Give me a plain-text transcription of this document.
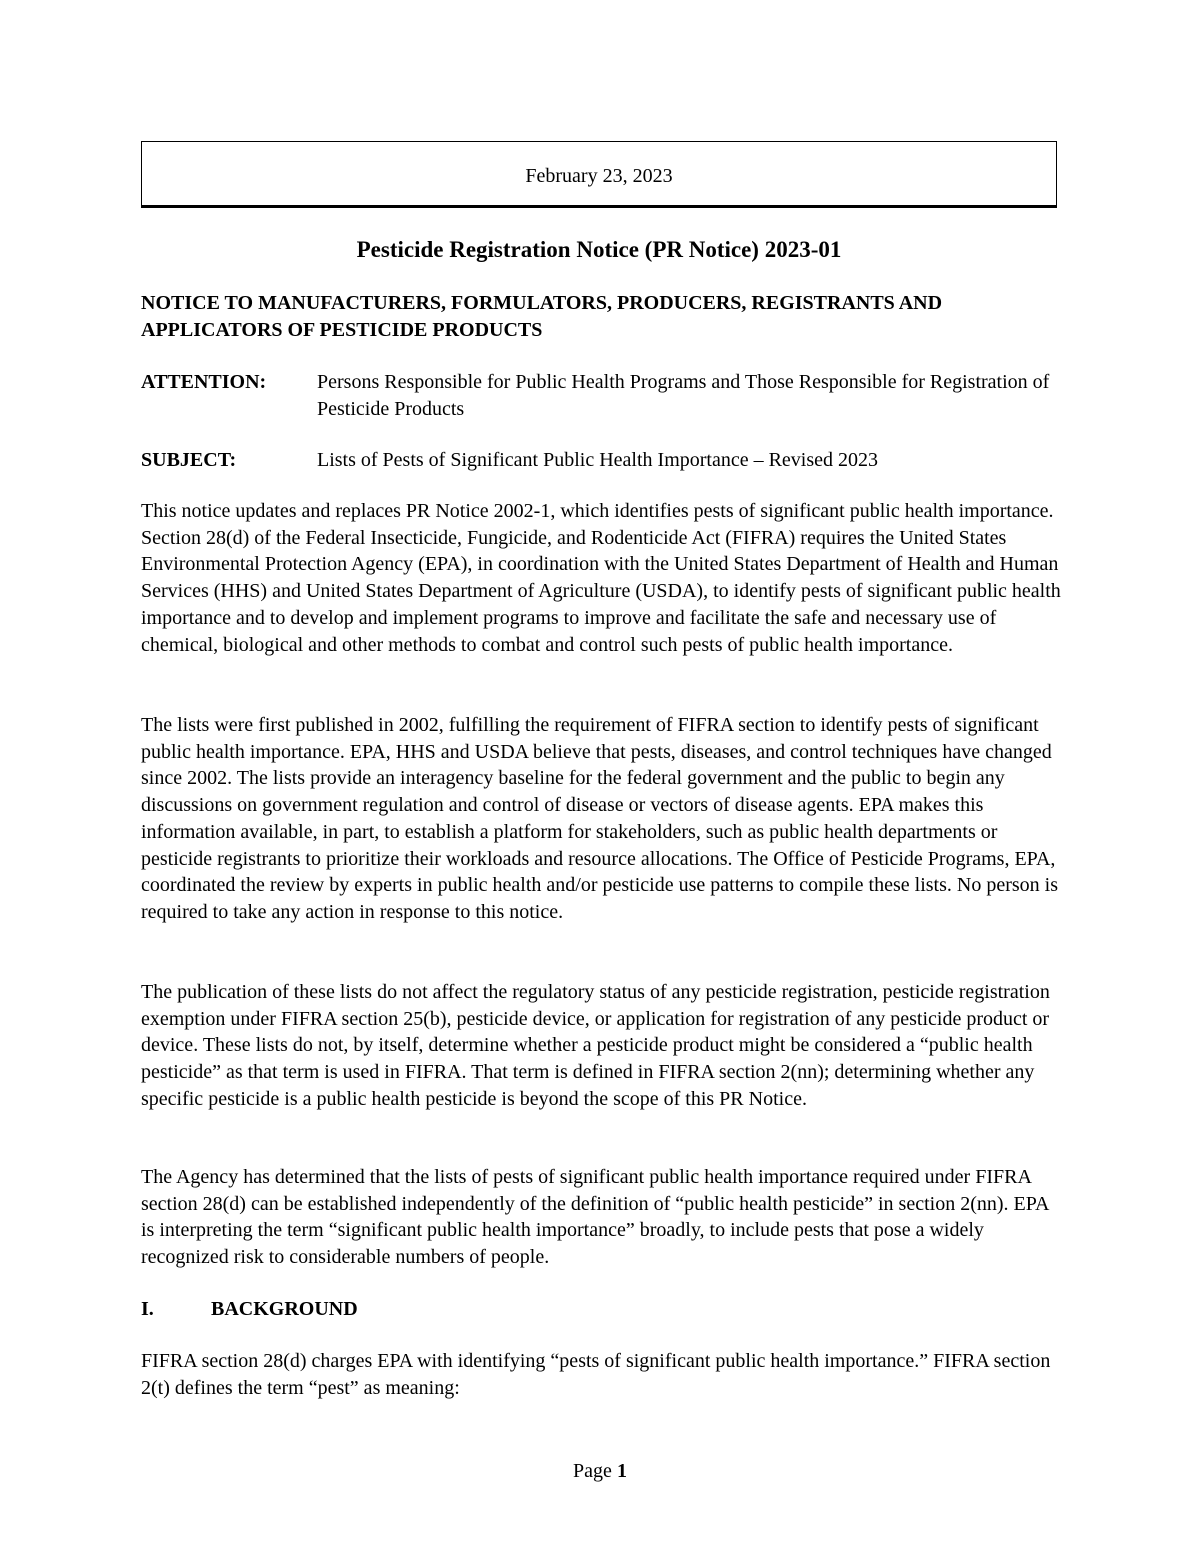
February 23, 2023
Pesticide Registration Notice (PR Notice) 2023-01
NOTICE TO MANUFACTURERS, FORMULATORS, PRODUCERS, REGISTRANTS AND APPLICATORS OF PESTICIDE PRODUCTS
ATTENTION:	Persons Responsible for Public Health Programs and Those Responsible for Registration of Pesticide Products
SUBJECT:	Lists of Pests of Significant Public Health Importance – Revised 2023
This notice updates and replaces PR Notice 2002-1, which identifies pests of significant public health importance. Section 28(d) of the Federal Insecticide, Fungicide, and Rodenticide Act (FIFRA) requires the United States Environmental Protection Agency (EPA), in coordination with the United States Department of Health and Human Services (HHS) and United States Department of Agriculture (USDA), to identify pests of significant public health importance and to develop and implement programs to improve and facilitate the safe and necessary use of chemical, biological and other methods to combat and control such pests of public health importance.
The lists were first published in 2002, fulfilling the requirement of FIFRA section to identify pests of significant public health importance. EPA, HHS and USDA believe that pests, diseases, and control techniques have changed since 2002. The lists provide an interagency baseline for the federal government and the public to begin any discussions on government regulation and control of disease or vectors of disease agents. EPA makes this information available, in part, to establish a platform for stakeholders, such as public health departments or pesticide registrants to prioritize their workloads and resource allocations. The Office of Pesticide Programs, EPA, coordinated the review by experts in public health and/or pesticide use patterns to compile these lists. No person is required to take any action in response to this notice.
The publication of these lists do not affect the regulatory status of any pesticide registration, pesticide registration exemption under FIFRA section 25(b), pesticide device, or application for registration of any pesticide product or device. These lists do not, by itself, determine whether a pesticide product might be considered a “public health pesticide” as that term is used in FIFRA. That term is defined in FIFRA section 2(nn); determining whether any specific pesticide is a public health pesticide is beyond the scope of this PR Notice.
The Agency has determined that the lists of pests of significant public health importance required under FIFRA section 28(d) can be established independently of the definition of “public health pesticide” in section 2(nn). EPA is interpreting the term “significant public health importance” broadly, to include pests that pose a widely recognized risk to considerable numbers of people.
I.	BACKGROUND
FIFRA section 28(d) charges EPA with identifying “pests of significant public health importance.” FIFRA section 2(t) defines the term “pest” as meaning:
Page 1
